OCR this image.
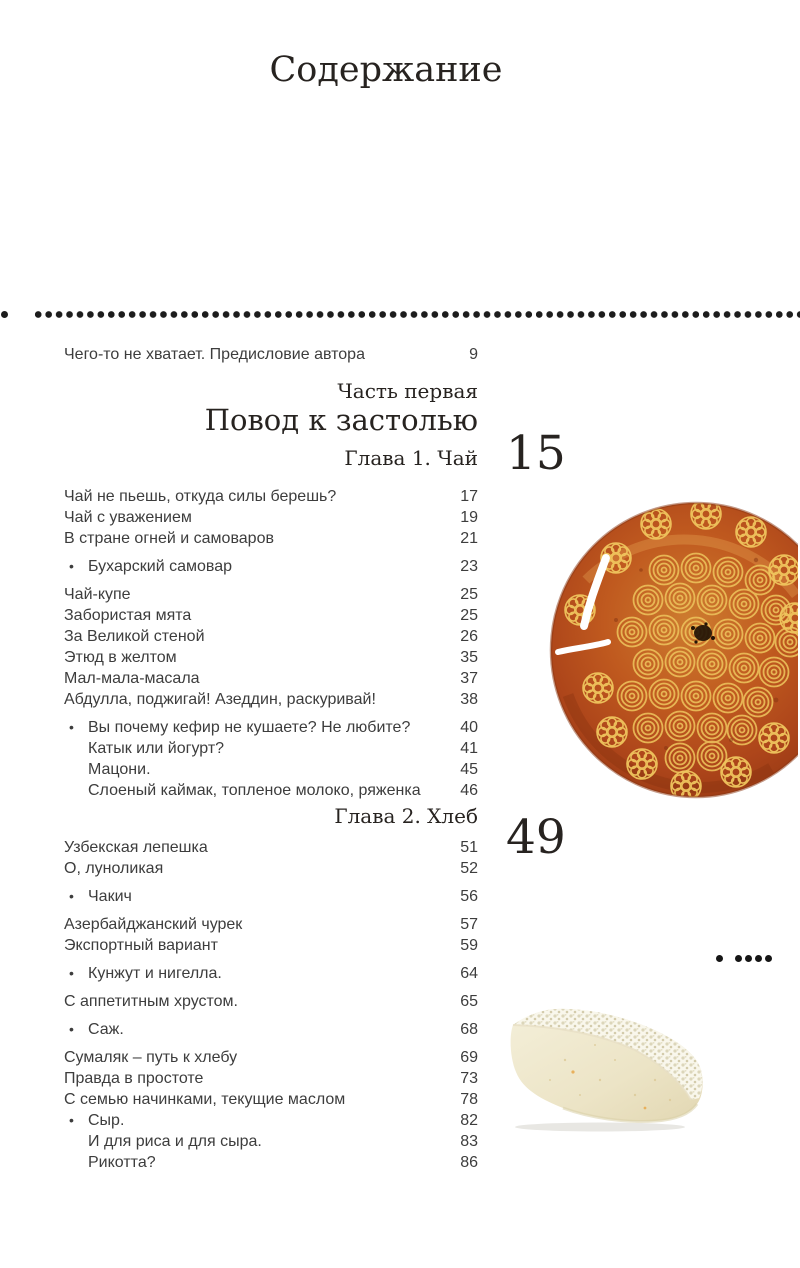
Содержание
Чего-то не хватает. Предисловие автора	9
Часть первая
Повод к застолью
Глава 1. Чай
Чай не пьешь, откуда силы берешь?	17
Чай с уважением	19
В стране огней и самоваров	21
• Бухарский самовар	23
Чай-купе	25
Забористая мята	25
За Великой стеной	26
Этюд в желтом	35
Мал-мала-масала	37
Абдулла, поджигай! Азеддин, раскуривай!	38
• Вы почему кефир не кушаете? Не любите?	40
Катык или йогурт?	41
Мацони.	45
Слоеный каймак, топленое молоко, ряженка	46
Глава 2. Хлеб
Узбекская лепешка	51
О, луноликая	52
• Чакич	56
Азербайджанский чурек	57
Экспортный вариант	59
• Кунжут и нигелла.	64
С аппетитным хрустом.	65
• Саж.	68
Сумаляк – путь к хлебу	69
Правда в простоте	73
С семью начинками, текущие маслом	78
• Сыр.	82
И для риса и для сыра.	83
Рикотта?	86
15
49
